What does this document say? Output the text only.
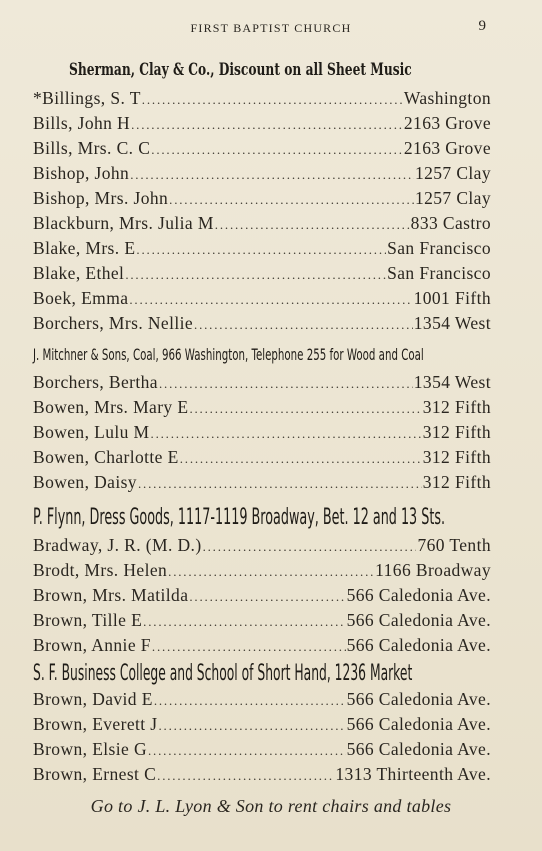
FIRST BAPTIST CHURCH	9
Sherman, Clay & Co., Discount on all Sheet Music
*Billings, S. T .....	Washington
Bills, John H .....	2163 Grove
Bills, Mrs. C. C .....	2163 Grove
Bishop, John .....	1257 Clay
Bishop, Mrs. John .....	1257 Clay
Blackburn, Mrs. Julia M .....	833 Castro
Blake, Mrs. E .....	San Francisco
Blake, Ethel .....	San Francisco
Boek, Emma .....	1001 Fifth
Borchers, Mrs. Nellie .....	1354 West
Borchers, Bertha .....	1354 West
Bowen, Mrs. Mary E .....	312 Fifth
Bowen, Lulu M .....	312 Fifth
Bowen, Charlotte E .....	312 Fifth
Bowen, Daisy .....	312 Fifth
Bradway, J. R. (M. D.) .....	760 Tenth
Brodt, Mrs. Helen .....	1166 Broadway
Brown, Mrs. Matilda .....	566 Caledonia Ave.
Brown, Tille E .....	566 Caledonia Ave.
Brown, Annie F .....	566 Caledonia Ave.
Brown, David E .....	566 Caledonia Ave.
Brown, Everett J .....	566 Caledonia Ave.
Brown, Elsie G .....	566 Caledonia Ave.
Brown, Ernest C .....	1313 Thirteenth Ave.
J. Mitchner & Sons, Coal, 966 Washington, Telephone 255 for Wood and Coal
P. Flynn, Dress Goods, 1117-1119 Broadway, Bet. 12 and 13 Sts.
S. F. Business College and School of Short Hand, 1236 Market
Go to J. L. Lyon & Son to rent chairs and tables
